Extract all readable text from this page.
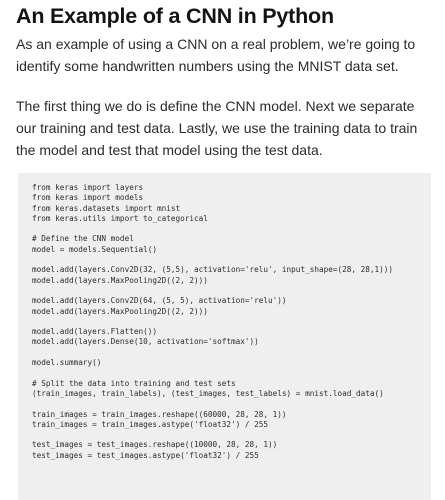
An Example of a CNN in Python

As an example of using a CNN on a real problem, we’re going to identify some handwritten numbers using the MNIST data set.

The first thing we do is define the CNN model. Next we separate our training and test data. Lastly, we use the training data to train the model and test that model using the test data.

from keras import layers
from keras import models
from keras.datasets import mnist
from keras.utils import to_categorical
# Define the CNN model
model = models.Sequential()
model.add(layers.Conv2D(32, (5,5), activation='relu', input_shape=(28, 28,1)))
model.add(layers.MaxPooling2D((2, 2)))
model.add(layers.Conv2D(64, (5, 5), activation='relu'))
model.add(layers.MaxPooling2D((2, 2)))
model.add(layers.Flatten())
model.add(layers.Dense(10, activation='softmax'))
model.summary()
# Split the data into training and test sets
(train_images, train_labels), (test_images, test_labels) = mnist.load_data()
train_images = train_images.reshape((60000, 28, 28, 1))
train_images = train_images.astype('float32') / 255
test_images = test_images.reshape((10000, 28, 28, 1))
test_images = test_images.astype('float32') / 255
